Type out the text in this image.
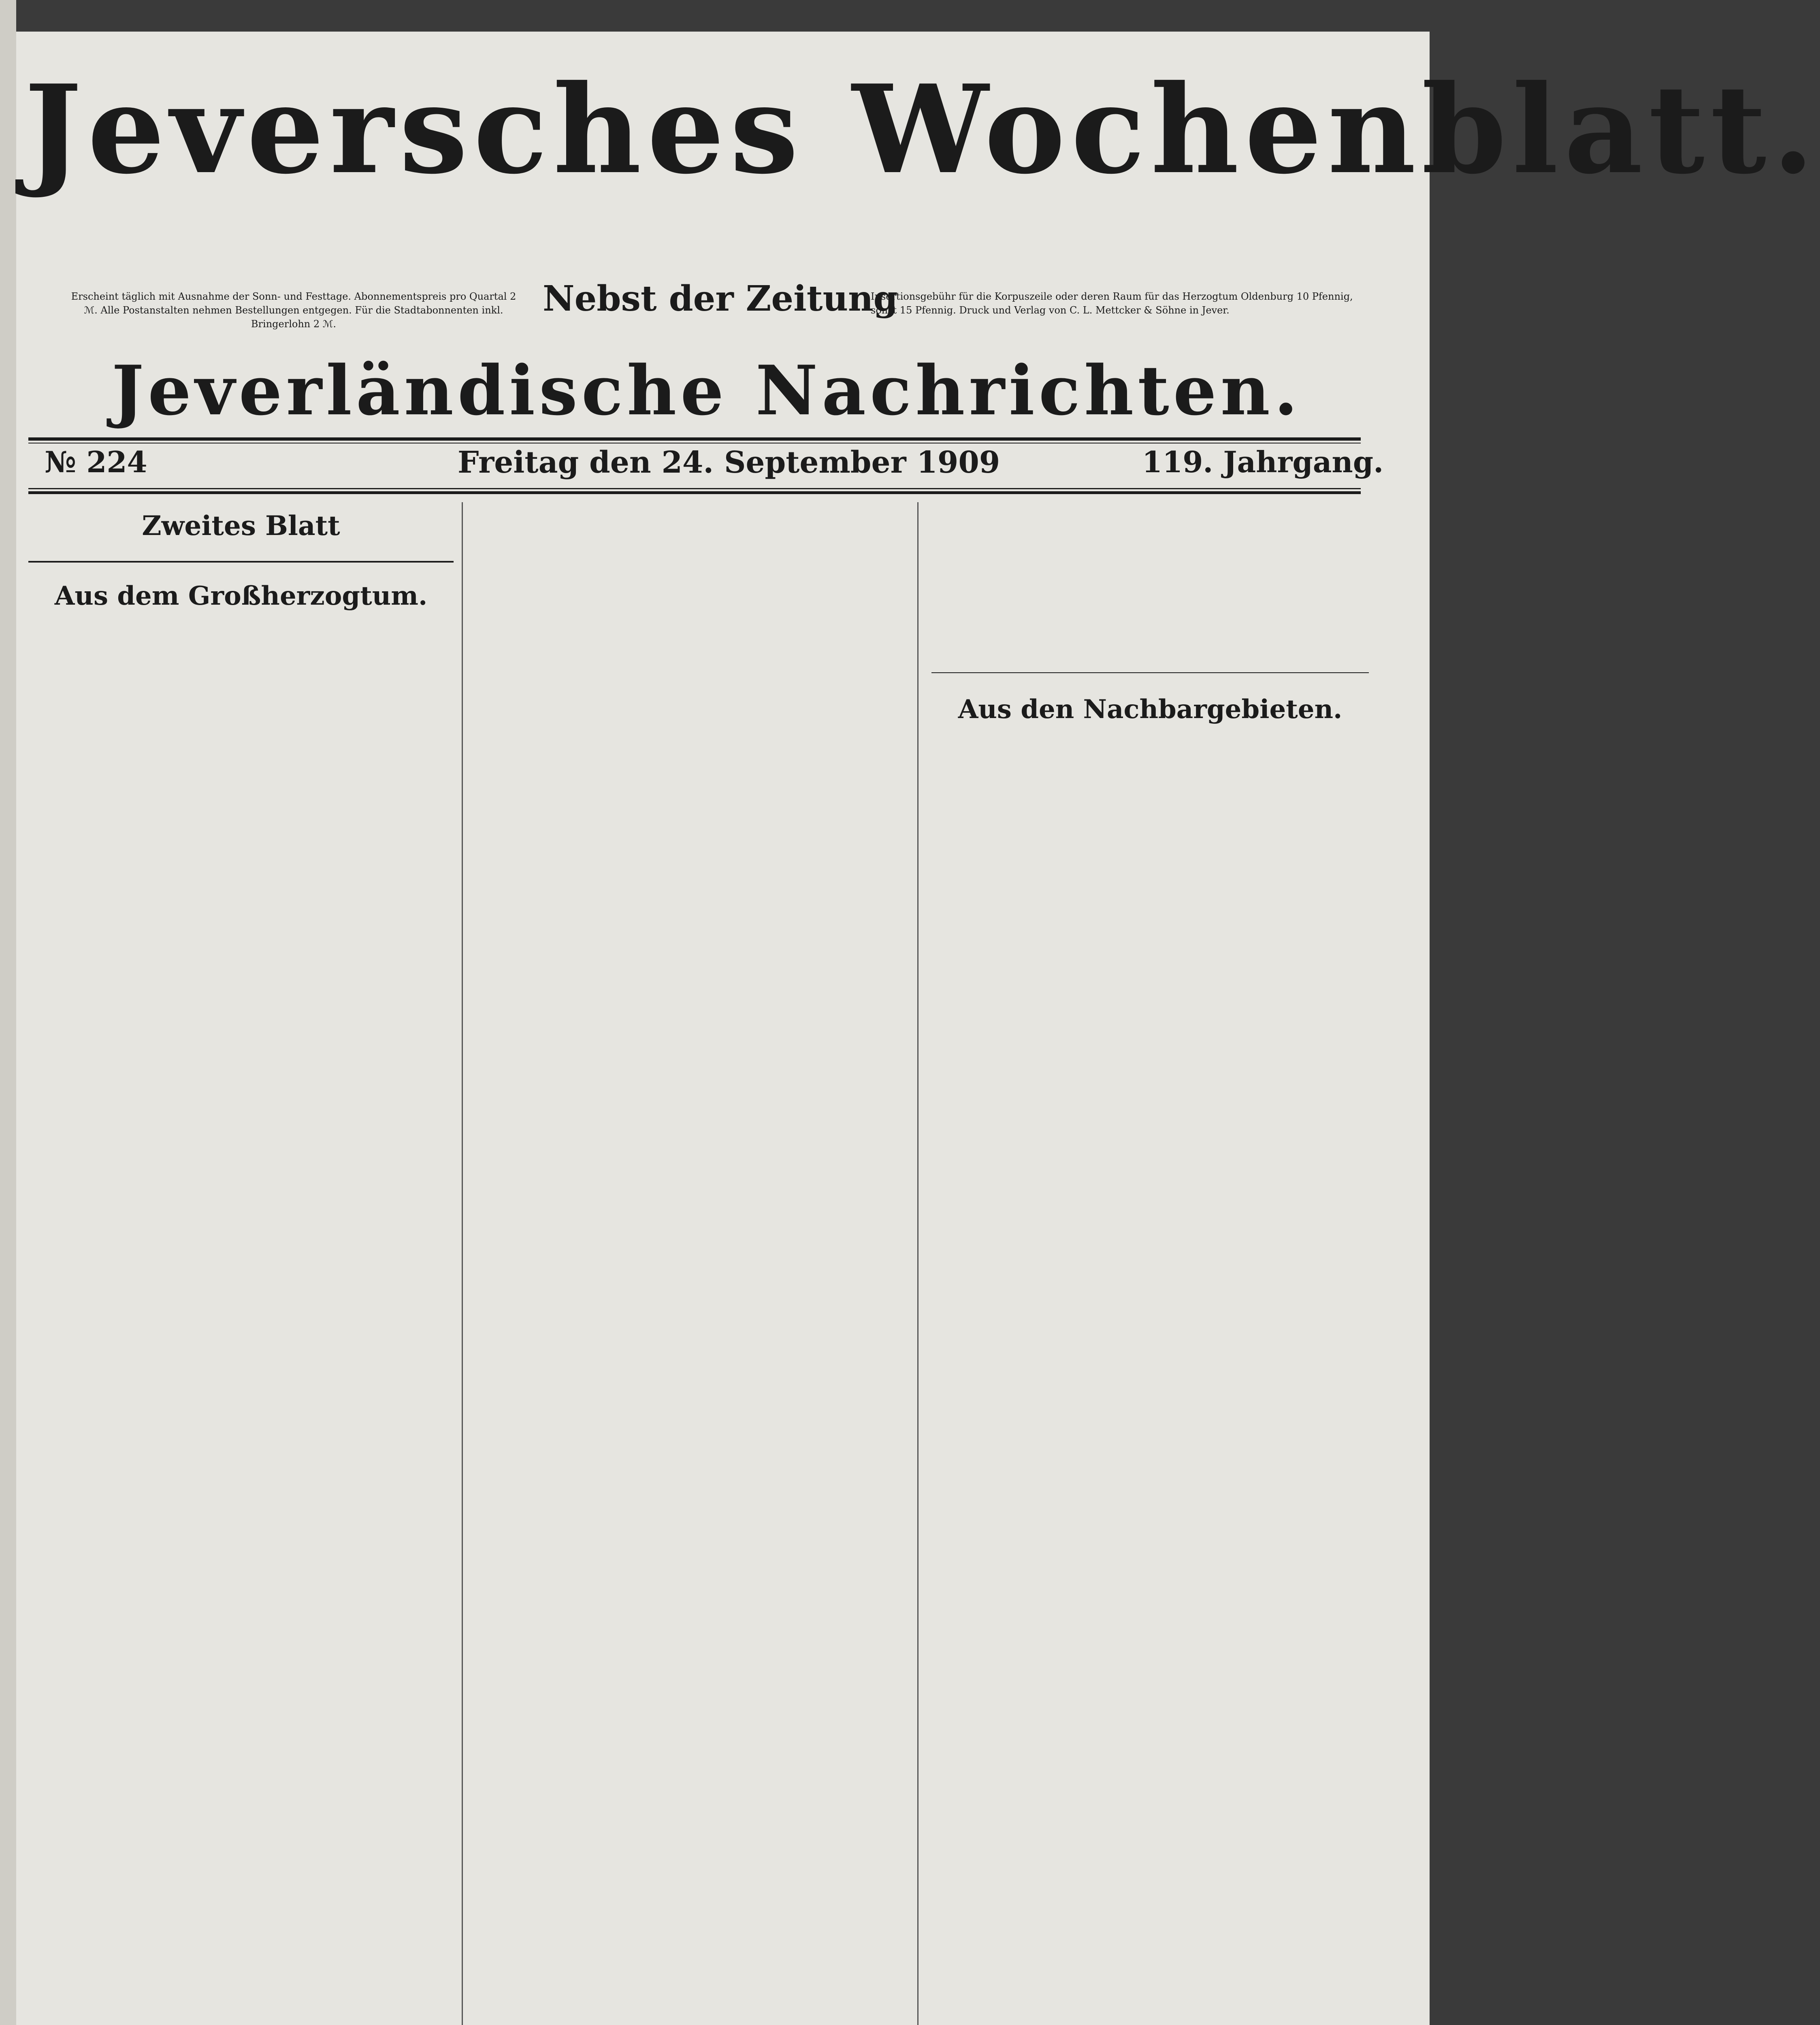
Jeversches Wochenblatt.
Erscheint täglich mit Ausnahme der Sonn- und Festtage. Abonnementspreis pro Quartal 2 ℳ. Alle Postanstalten nehmen Bestellungen entgegen. Für die Stadtabonnenten inkl. Bringerlohn 2 ℳ.
Nebst der Zeitung
Insertionsgebühr für die Korpuszeile oder deren Raum für das Herzogtum Oldenburg 10 Pfennig, sonst 15 Pfennig. Druck und Verlag von C. L. Mettcker & Söhne in Jever.
Jeverländische Nachrichten.
№ 224	Freitag den 24. September 1909	119. Jahrgang.
Zweites Blatt
Aus dem Großherzogtum.
Aus den Nachbargebieten.
